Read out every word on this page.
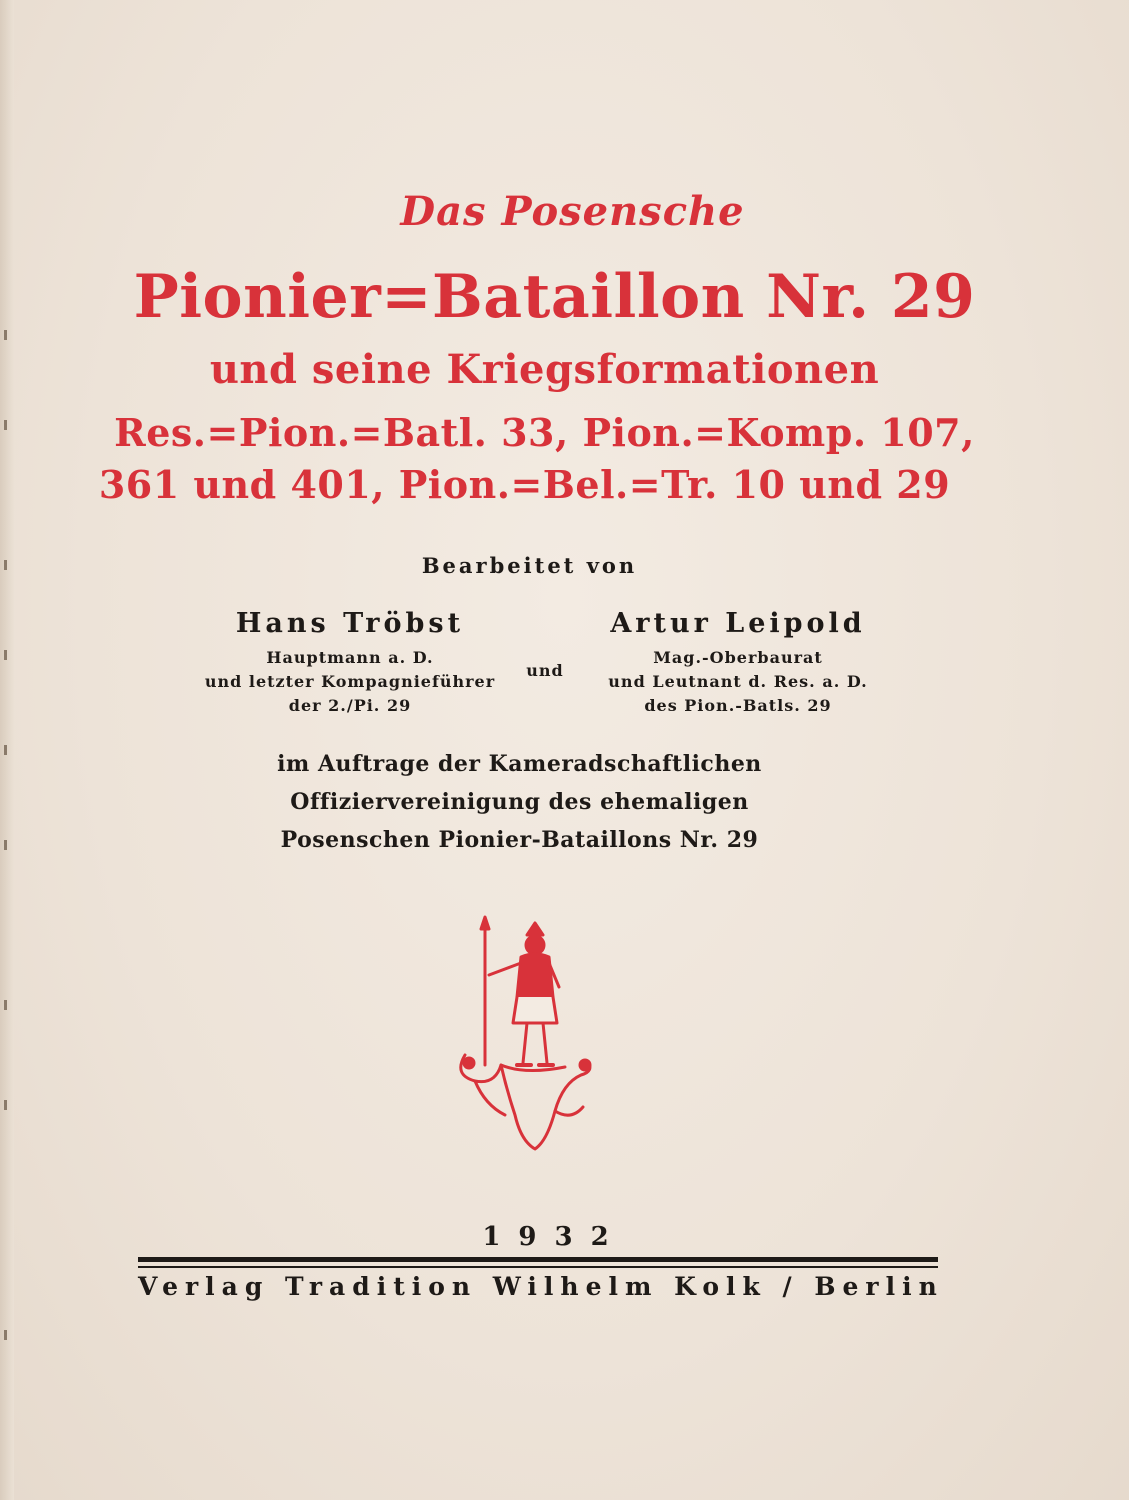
Das Posensche
Pionier=Bataillon Nr. 29
und seine Kriegsformationen
Res.=Pion.=Batl. 33, Pion.=Komp. 107,
361 und 401, Pion.=Bel.=Tr. 10 und 29
Bearbeitet von
Hans Tröbst
Hauptmann a. D.
und letzter Kompagnieführer
der 2./Pi. 29
und
Artur Leipold
Mag.-Oberbaurat
und Leutnant d. Res. a. D.
des Pion.-Batls. 29
im Auftrage der Kameradschaftlichen
Offiziervereinigung des ehemaligen
Posenschen Pionier-Bataillons Nr. 29
1932
Verlag Tradition Wilhelm Kolk / Berlin
